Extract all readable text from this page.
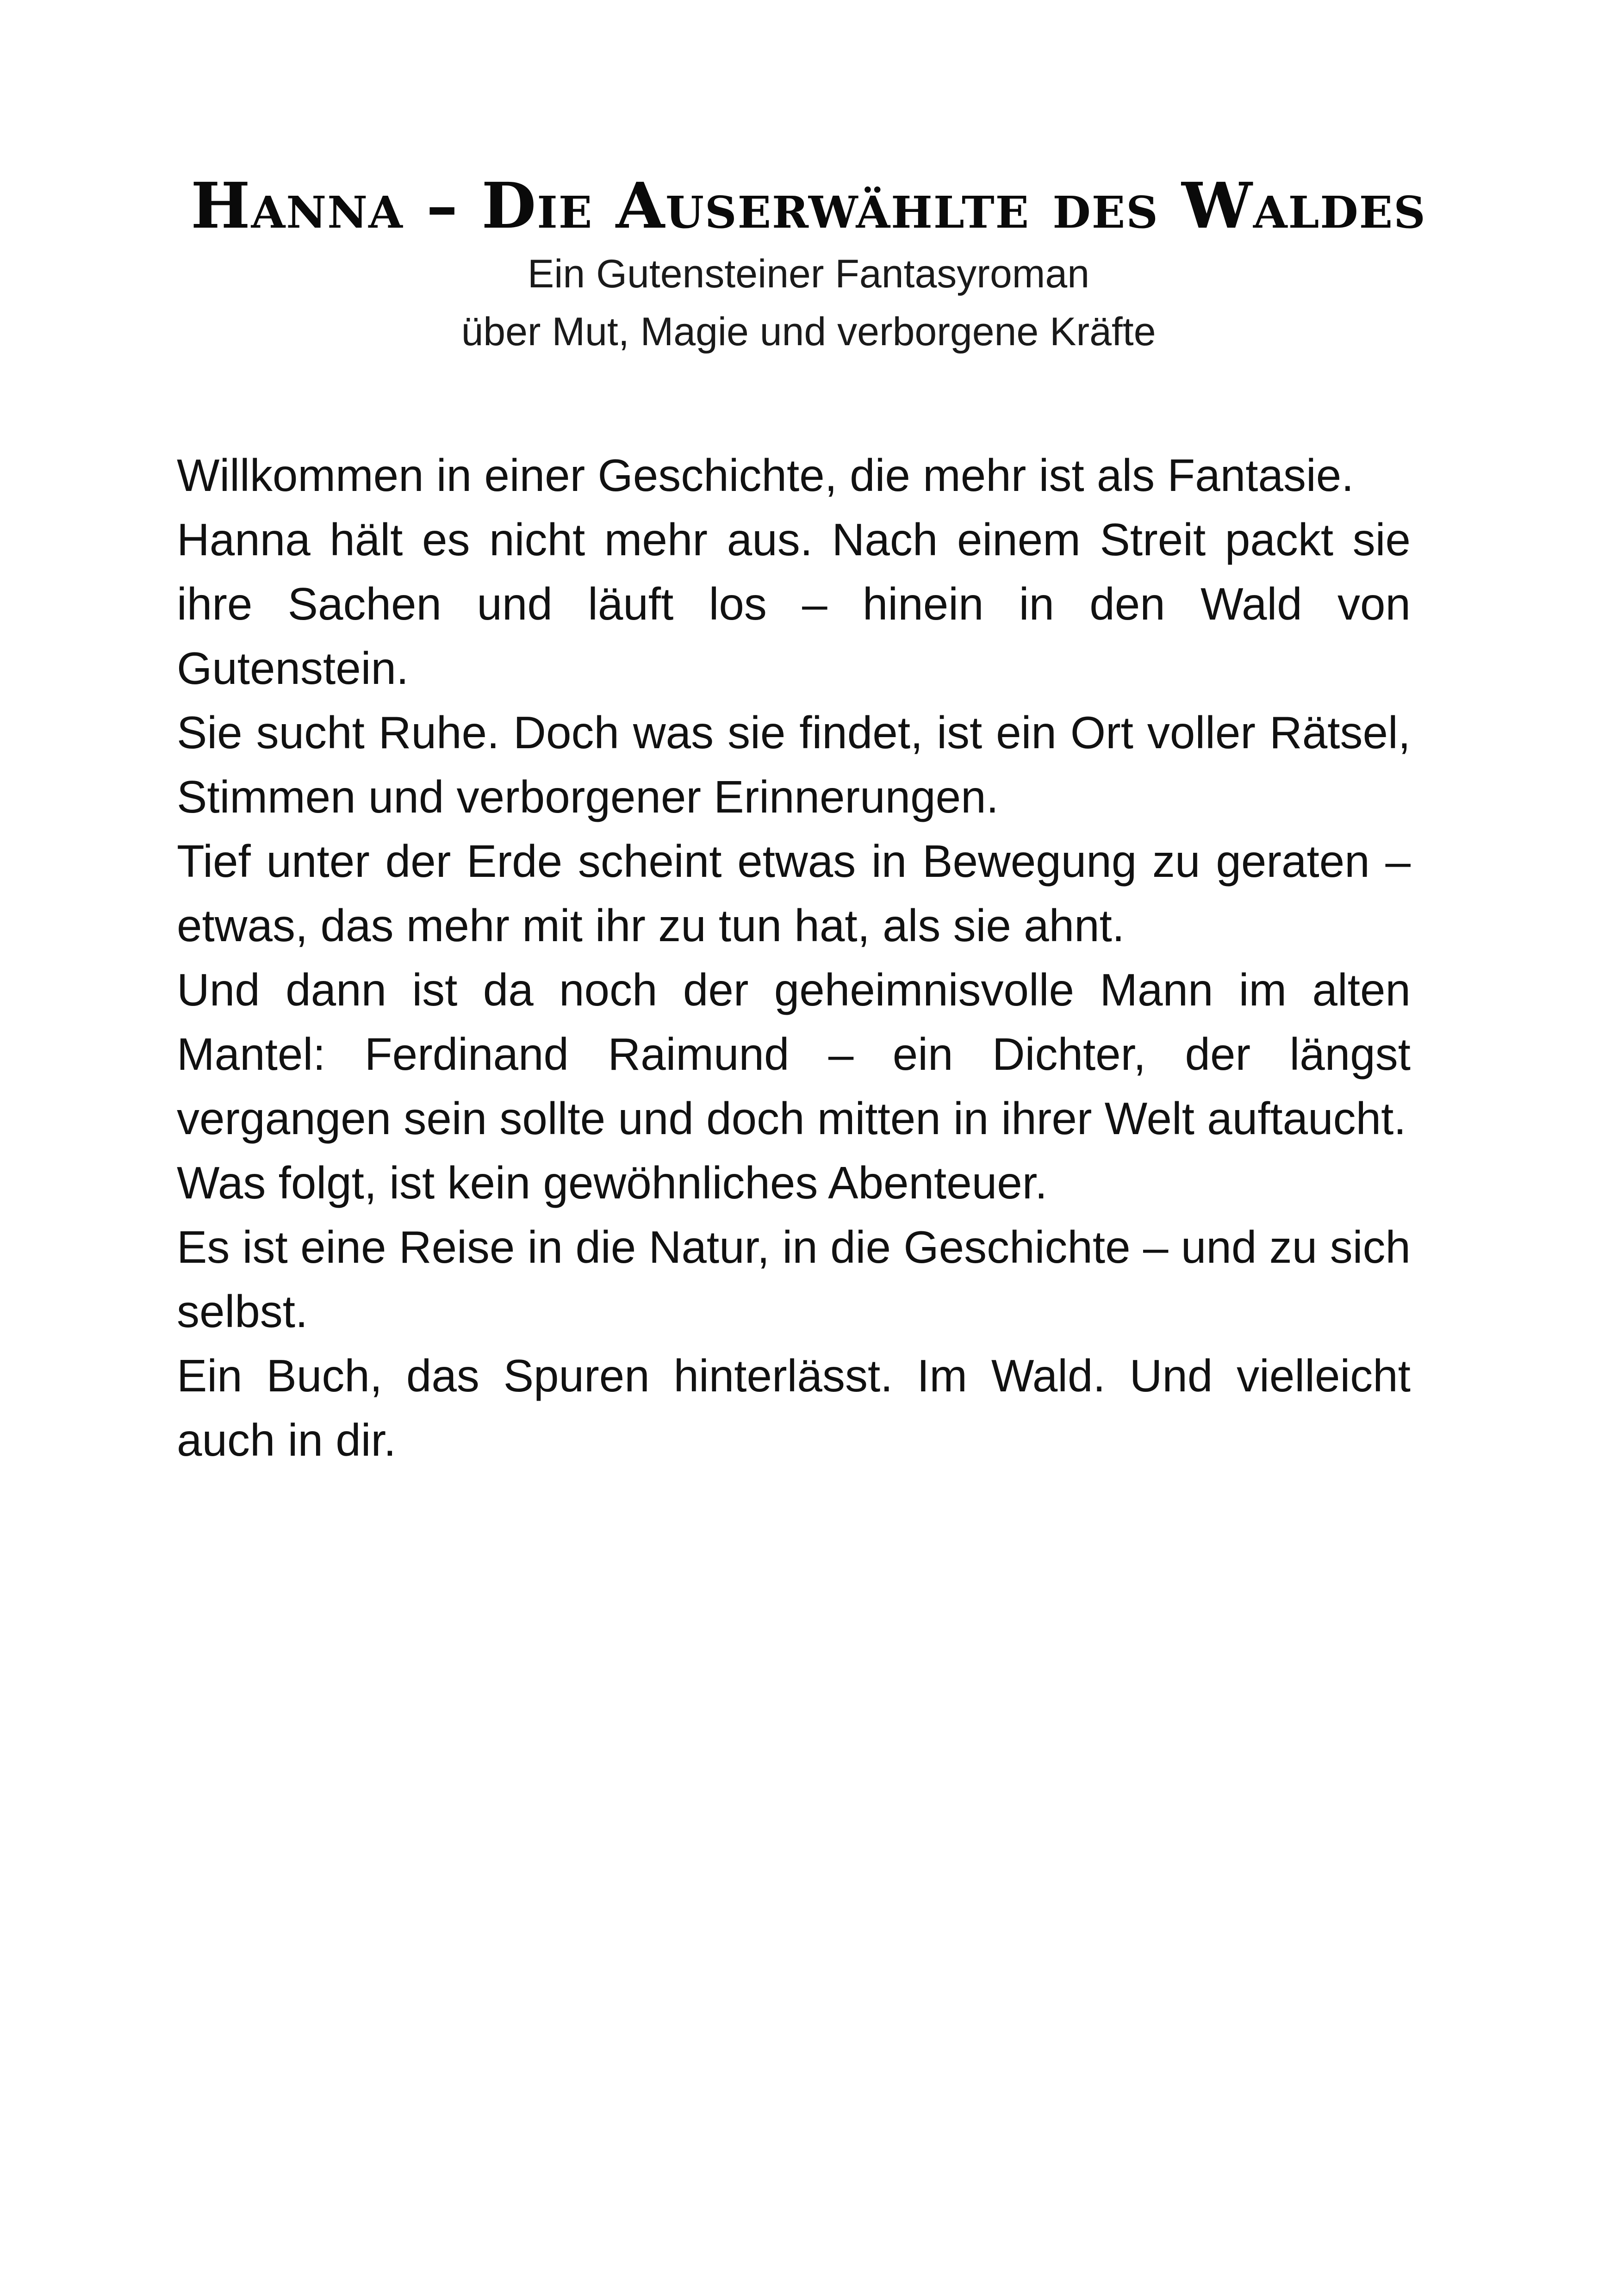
Hanna – Die Auserwählte des Waldes

Ein Gutensteiner Fantasyroman

über Mut, Magie und verborgene Kräfte

Willkommen in einer Geschichte, die mehr ist als Fantasie.

Hanna hält es nicht mehr aus. Nach einem Streit packt sie ihre Sachen und läuft los – hinein in den Wald von Gutenstein.

Sie sucht Ruhe. Doch was sie findet, ist ein Ort voller Rätsel, Stimmen und verborgener Erinnerungen.

Tief unter der Erde scheint etwas in Bewegung zu geraten – etwas, das mehr mit ihr zu tun hat, als sie ahnt.

Und dann ist da noch der geheimnisvolle Mann im alten Mantel: Ferdinand Raimund – ein Dichter, der längst vergangen sein sollte und doch mitten in ihrer Welt auftaucht.

Was folgt, ist kein gewöhnliches Abenteuer.

Es ist eine Reise in die Natur, in die Geschichte – und zu sich selbst.

Ein Buch, das Spuren hinterlässt. Im Wald. Und vielleicht auch in dir.
